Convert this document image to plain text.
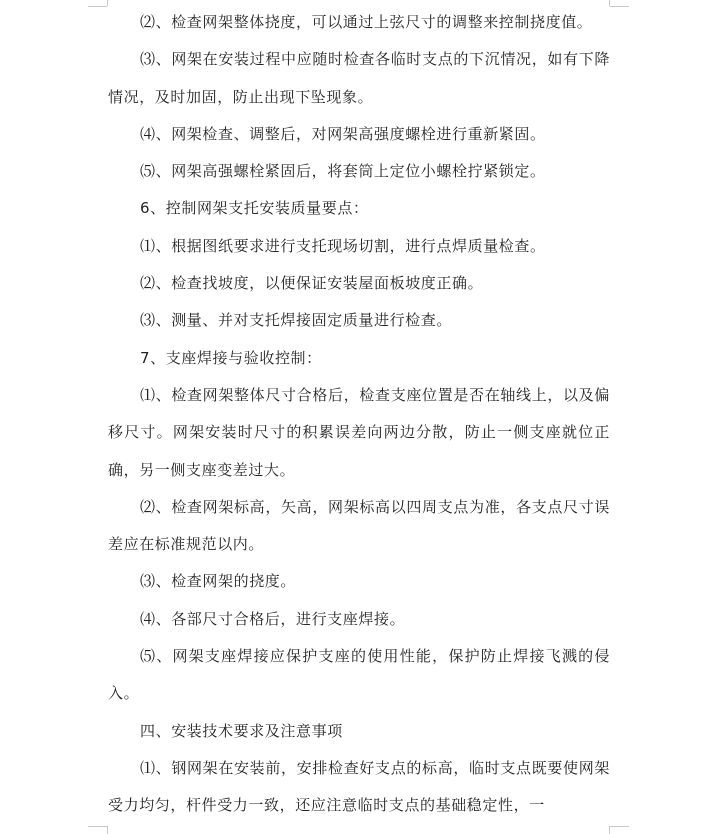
⑵、检查网架整体挠度，可以通过上弦尺寸的调整来控制挠度值。

⑶、网架在安装过程中应随时检查各临时支点的下沉情况，如有下降情况，及时加固，防止出现下坠现象。

⑷、网架检查、调整后，对网架高强度螺栓进行重新紧固。

⑸、网架高强螺栓紧固后，将套筒上定位小螺栓拧紧锁定。

6、控制网架支托安装质量要点：

⑴、根据图纸要求进行支托现场切割，进行点焊质量检查。

⑵、检查找坡度，以便保证安装屋面板坡度正确。

⑶、测量、并对支托焊接固定质量进行检查。

7、支座焊接与验收控制：

⑴、检查网架整体尺寸合格后，检查支座位置是否在轴线上，以及偏移尺寸。网架安装时尺寸的积累误差向两边分散，防止一侧支座就位正确，另一侧支座变差过大。

⑵、检查网架标高，矢高，网架标高以四周支点为准，各支点尺寸误差应在标准规范以内。

⑶、检查网架的挠度。

⑷、各部尺寸合格后，进行支座焊接。

⑸、网架支座焊接应保护支座的使用性能，保护防止焊接飞溅的侵入。

四、安装技术要求及注意事项

⑴、钢网架在安装前，安排检查好支点的标高，临时支点既要使网架受力均匀，杆件受力一致，还应注意临时支点的基础稳定性，一
